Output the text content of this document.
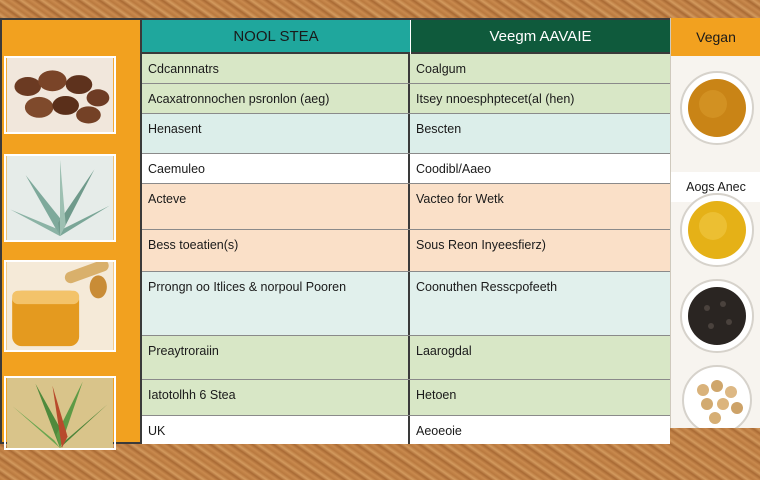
NOOL STEA	Veegm AAVAIE
Cdcannnatrs	Coalgum
Acaxatronnochen psronlon (aeg)	Itsey nnoesphptecet(al (hen)
Henasent	Bescten
Caemuleo	Coodibl/Aaeo
Acteve	Vacteo for Wetk
Bess toeatien(s)	Sous Reon Inyeesfierz)
Prrongn oo Itlices & norpoul Pooren	Coonuthen Resscpofeeth
Preaytroraiin	Laarogdal
Iatotolhh 6 Stea	Hetoen
UK	Aeoeoie
Vegan
Aogs Anec
